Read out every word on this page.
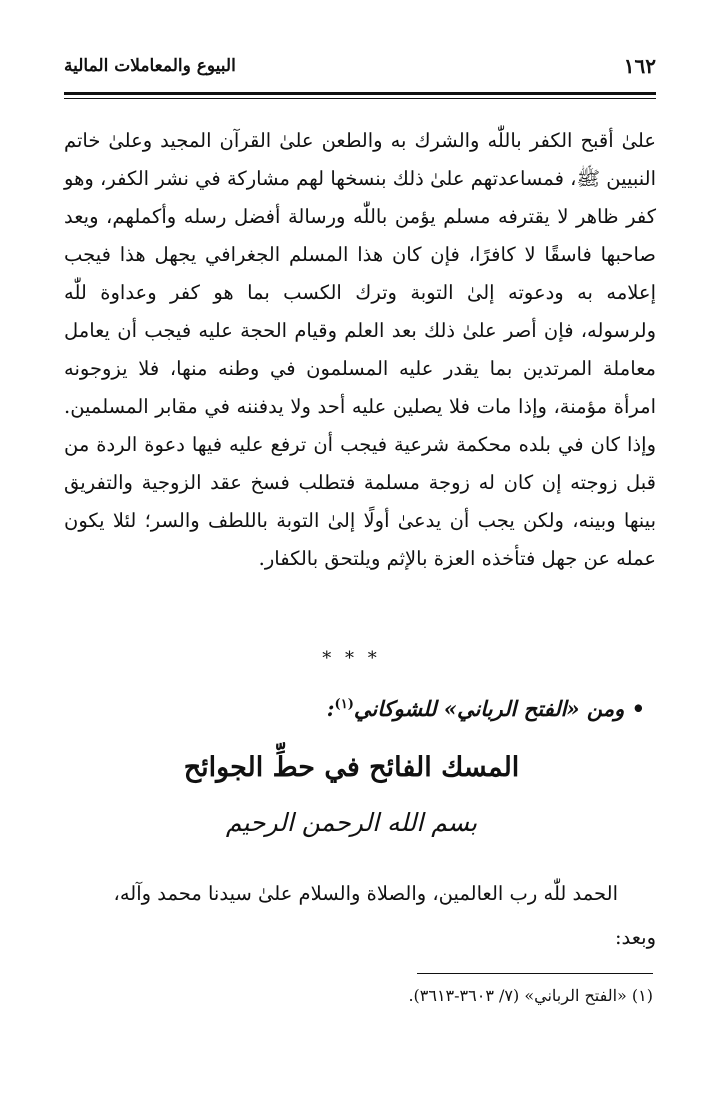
١٦٢
البيوع والمعاملات المالية

علىٰ أقبح الكفر باللّٰه والشرك به والطعن علىٰ القرآن المجيد وعلىٰ خاتم النبيين ﷺ، فمساعدتهم علىٰ ذلك بنسخها لهم مشاركة في نشر الكفر، وهو كفر ظاهر لا يقترفه مسلم يؤمن باللّٰه ورسالة أفضل رسله وأكملهم، ويعد صاحبها فاسقًا لا كافرًا، فإن كان هذا المسلم الجغرافي يجهل هذا فيجب إعلامه به ودعوته إلىٰ التوبة وترك الكسب بما هو كفر وعداوة للّٰه ولرسوله، فإن أصر علىٰ ذلك بعد العلم وقيام الحجة عليه فيجب أن يعامل معاملة المرتدين بما يقدر عليه المسلمون في وطنه منها، فلا يزوجونه امرأة مؤمنة، وإذا مات فلا يصلين عليه أحد ولا يدفننه في مقابر المسلمين. وإذا كان في بلده محكمة شرعية فيجب أن ترفع عليه فيها دعوة الردة من قبل زوجته إن كان له زوجة مسلمة فتطلب فسخ عقد الزوجية والتفريق بينها وبينه، ولكن يجب أن يدعىٰ أولًا إلىٰ التوبة باللطف والسر؛ لئلا يكون عمله عن جهل فتأخذه العزة بالإثم ويلتحق بالكفار.

* * *
• ومن «الفتح الرباني» للشوكاني$^{(١)}$:
المسك الفائح في حطِّ الجوائح
بسم الله الرحمن الرحيم

الحمد للّٰه رب العالمين، والصلاة والسلام علىٰ سيدنا محمد وآله،

وبعد:

(١) «الفتح الرباني» (٧/ ٣٦٠٣-٣٦١٣).
